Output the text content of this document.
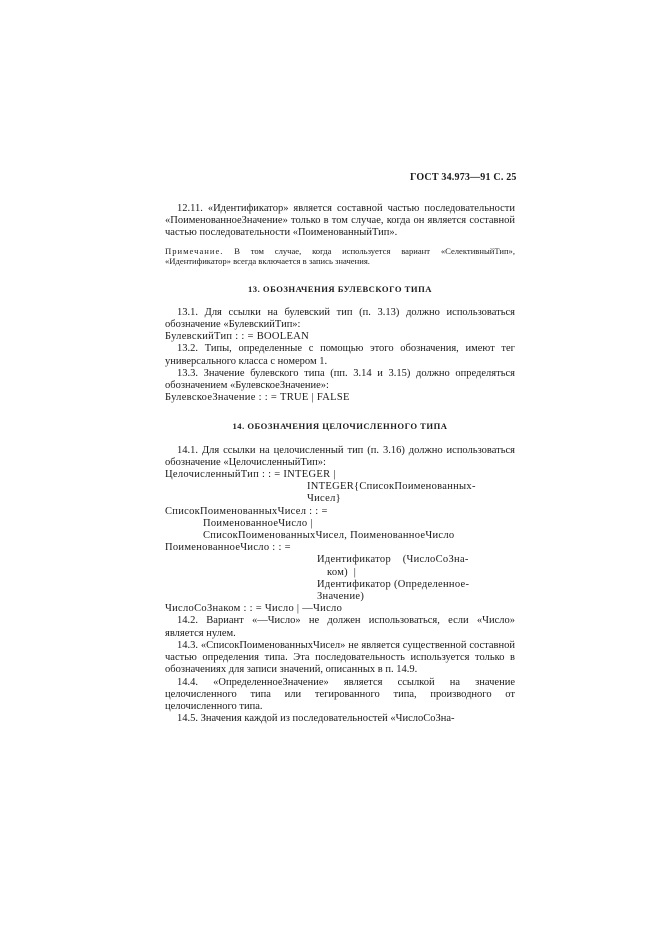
ГОСТ 34.973—91 С. 25

12.11. «Идентификатор» является составной частью последовательности «ПоименованноеЗначение» только в том случае, когда он является составной частью последовательности «ПоименованныйТип».

Примечание. В том случае, когда используется вариант «СелективныйТип», «Идентификатор» всегда включается в запись значения.

13. ОБОЗНАЧЕНИЯ БУЛЕВСКОГО ТИПА

13.1. Для ссылки на булевский тип (п. 3.13) должно использоваться обозначение «БулевскийТип»:

БулевскийТип : : = BOOLEAN

13.2. Типы, определенные с помощью этого обозначения, имеют тег универсального класса с номером 1.

13.3. Значение булевского типа (пп. 3.14 и 3.15) должно определяться обозначением «БулевскоеЗначение»:

БулевскоеЗначение : : = TRUE | FALSE
14. ОБОЗНАЧЕНИЯ ЦЕЛОЧИСЛЕННОГО ТИПА

14.1. Для ссылки на целочисленный тип (п. 3.16) должно использоваться обозначение «ЦелочисленныйТип»:

ЦелочисленныйТип : : = INTEGER |
INTEGER{СписокПоименованных-
Чисел}
СписокПоименованныхЧисел : : =
ПоименованноеЧисло |
СписокПоименованныхЧисел, ПоименованноеЧисло
ПоименованноеЧисло : : =
Идентификатор    (ЧислоСоЗна-
ком)  |
Идентификатор (Определенное-
Значение)
ЧислоСоЗнаком : : = Число | —Число

14.2. Вариант «—Число» не должен использоваться, если «Число» является нулем.

14.3. «СписокПоименованныхЧисел» не является существенной составной частью определения типа. Эта последовательность используется только в обозначениях для записи значений, описанных в п. 14.9.

14.4. «ОпределенноеЗначение» является ссылкой на значение целочисленного типа или тегированного типа, производного от целочисленного типа.

14.5. Значения каждой из последовательностей «ЧислоСоЗна-
